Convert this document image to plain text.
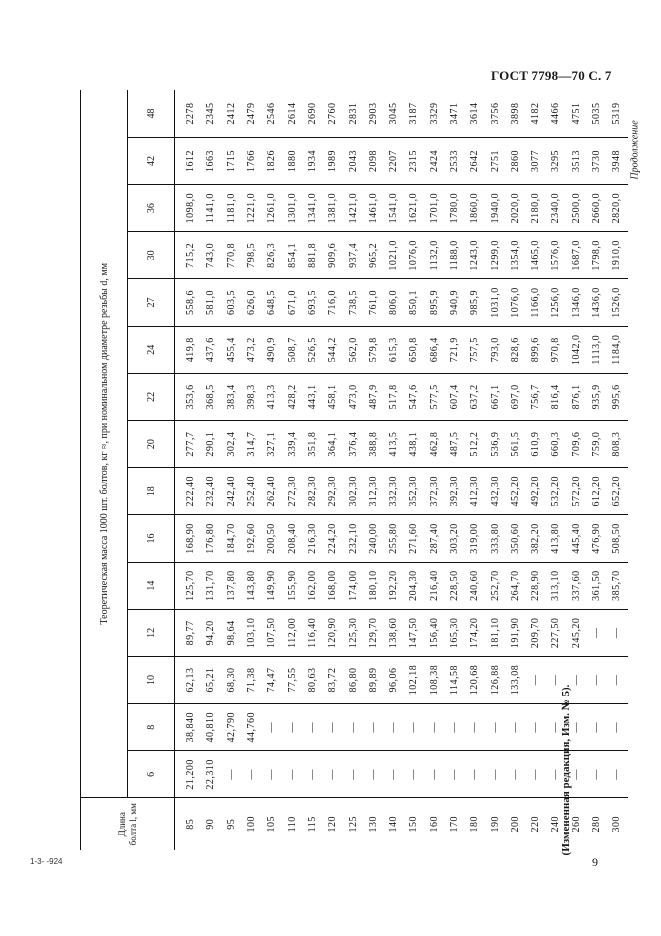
ГОСТ 7798—70 С. 7
Продолжение
Длина болта l, мм	Теоретическая масса 1000 шт. болтов, кг ≈, при номинальном диаметре резьбы d, мм														
	6	8	10	12	14	16	18	20	22	24	27	30	36	42	48
85	21,200	38,840	62,13	89,77	125,70	168,90	222,40	277,7	353,6	419,8	558,6	715,2	1098,0	1612	2278
90	22,310	40,810	65,21	94,20	131,70	176,80	232,40	290,1	368,5	437,6	581,0	743,0	1141,0	1663	2345
95	—	42,790	68,30	98,64	137,80	184,70	242,40	302,4	383,4	455,4	603,5	770,8	1181,0	1715	2412
100	—	44,760	71,38	103,10	143,80	192,60	252,40	314,7	398,3	473,2	626,0	798,5	1221,0	1766	2479
105	—	—	74,47	107,50	149,90	200,50	262,40	327,1	413,3	490,9	648,5	826,3	1261,0	1826	2546
110	—	—	77,55	112,00	155,90	208,40	272,30	339,4	428,2	508,7	671,0	854,1	1301,0	1880	2614
115	—	—	80,63	116,40	162,00	216,30	282,30	351,8	443,1	526,5	693,5	881,8	1341,0	1934	2690
120	—	—	83,72	120,90	168,00	224,20	292,30	364,1	458,1	544,2	716,0	909,6	1381,0	1989	2760
125	—	—	86,80	125,30	174,00	232,10	302,30	376,4	473,0	562,0	738,5	937,4	1421,0	2043	2831
130	—	—	89,89	129,70	180,10	240,00	312,30	388,8	487,9	579,8	761,0	965,2	1461,0	2098	2903
140	—	—	96,06	138,60	192,20	255,80	332,30	413,5	517,8	615,3	806,0	1021,0	1541,0	2207	3045
150	—	—	102,18	147,50	204,30	271,60	352,30	438,1	547,6	650,8	850,1	1076,0	1621,0	2315	3187
160	—	—	108,38	156,40	216,40	287,40	372,30	462,8	577,5	686,4	895,9	1132,0	1701,0	2424	3329
170	—	—	114,58	165,30	228,50	303,20	392,30	487,5	607,4	721,9	940,9	1188,0	1780,0	2533	3471
180	—	—	120,68	174,20	240,60	319,00	412,30	512,2	637,2	757,5	985,9	1243,0	1860,0	2642	3614
190	—	—	126,88	181,10	252,70	333,80	432,30	536,9	667,1	793,0	1031,0	1299,0	1940,0	2751	3756
200	—	—	133,08	191,90	264,70	350,60	452,20	561,5	697,0	828,6	1076,0	1354,0	2020,0	2860	3898
220	—	—	—	209,70	228,90	382,20	492,20	610,9	756,7	899,6	1166,0	1465,0	2180,0	3077	4182
240	—	—	—	227,50	313,10	413,80	532,20	660,3	816,4	970,8	1256,0	1576,0	2340,0	3295	4466
260	—	—	—	245,20	337,60	445,40	572,20	709,6	876,1	1042,0	1346,0	1687,0	2500,0	3513	4751
280	—	—	—	—	361,50	476,90	612,20	759,0	935,9	1113,0	1436,0	1798,0	2660,0	3730	5035
300	—	—	—	—	385,70	508,50	652,20	808,3	995,6	1184,0	1526,0	1910,0	2820,0	3948	5319
(Измененная редакция, Изм. № 5).
1-3- -924	9
